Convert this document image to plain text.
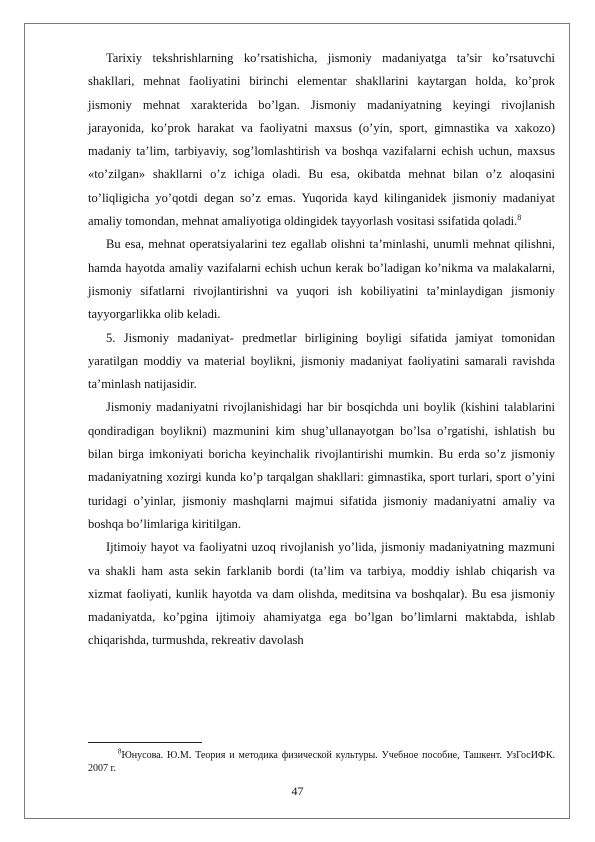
Tarixiy tekshrishlarning ko’rsatishicha, jismoniy madaniyatga ta’sir ko’rsatuvchi shakllari, mehnat faoliyatini birinchi elementar shakllarini kaytargan holda, ko’prok jismoniy mehnat xarakterida bo’lgan. Jismoniy madaniyatning keyingi rivojlanish jarayonida, ko’prok harakat va faoliyatni maxsus (o’yin, sport, gimnastika va xakozo) madaniy ta’lim, tarbiyaviy, sog’lomlashtirish va boshqa vazifalarni echish uchun, maxsus «to’zilgan» shakllarni o’z ichiga oladi. Bu esa, okibatda mehnat bilan o’z aloqasini to’liqligicha yo’qotdi degan so’z emas. Yuqorida kayd kilinganidek jismoniy madaniyat amaliy tomondan, mehnat amaliyotiga oldingidek tayyorlash vositasi ssifatida qoladi.$^8$

Bu esa, mehnat operatsiyalarini tez egallab olishni ta’minlashi, unumli mehnat qilishni, hamda hayotda amaliy vazifalarni echish uchun kerak bo’ladigan ko’nikma va malakalarni, jismoniy sifatlarni rivojlantirishni va yuqori ish kobiliyatini ta’minlaydigan jismoniy tayyorgarlikka olib keladi.

5. Jismoniy madaniyat- predmetlar birligining boyligi sifatida jamiyat tomonidan yaratilgan moddiy va material boylikni, jismoniy madaniyat faoliyatini samarali ravishda ta’minlash natijasidir.

Jismoniy madaniyatni rivojlanishidagi har bir bosqichda uni boylik (kishini talablarini qondiradigan boylikni) mazmunini kim shug’ullanayotgan bo’lsa o’rgatishi, ishlatish bu bilan birga imkoniyati boricha keyinchalik rivojlantirishi mumkin. Bu erda so’z jismoniy madaniyatning xozirgi kunda ko’p tarqalgan shakllari: gimnastika, sport turlari, sport o’yini turidagi o’yinlar, jismoniy mashqlarni majmui sifatida jismoniy madaniyatni amaliy va boshqa bo’limlariga kiritilgan.

Ijtimoiy hayot va faoliyatni uzoq rivojlanish yo’lida, jismoniy madaniyatning mazmuni va shakli ham asta sekin farklanib bordi (ta’lim va tarbiya, moddiy ishlab chiqarish va xizmat faoliyati, kunlik hayotda va dam olishda, meditsina va boshqalar). Bu esa jismoniy madaniyatda, ko’pgina ijtimoiy ahamiyatga ega bo’lgan bo’limlarni maktabda, ishlab chiqarishda, turmushda, rekreativ davolash

$^8$Юнусова. Ю.М. Теория и методика физической культуры. Учебное пособие, Ташкент. УзГосИФК. 2007 г.
47
